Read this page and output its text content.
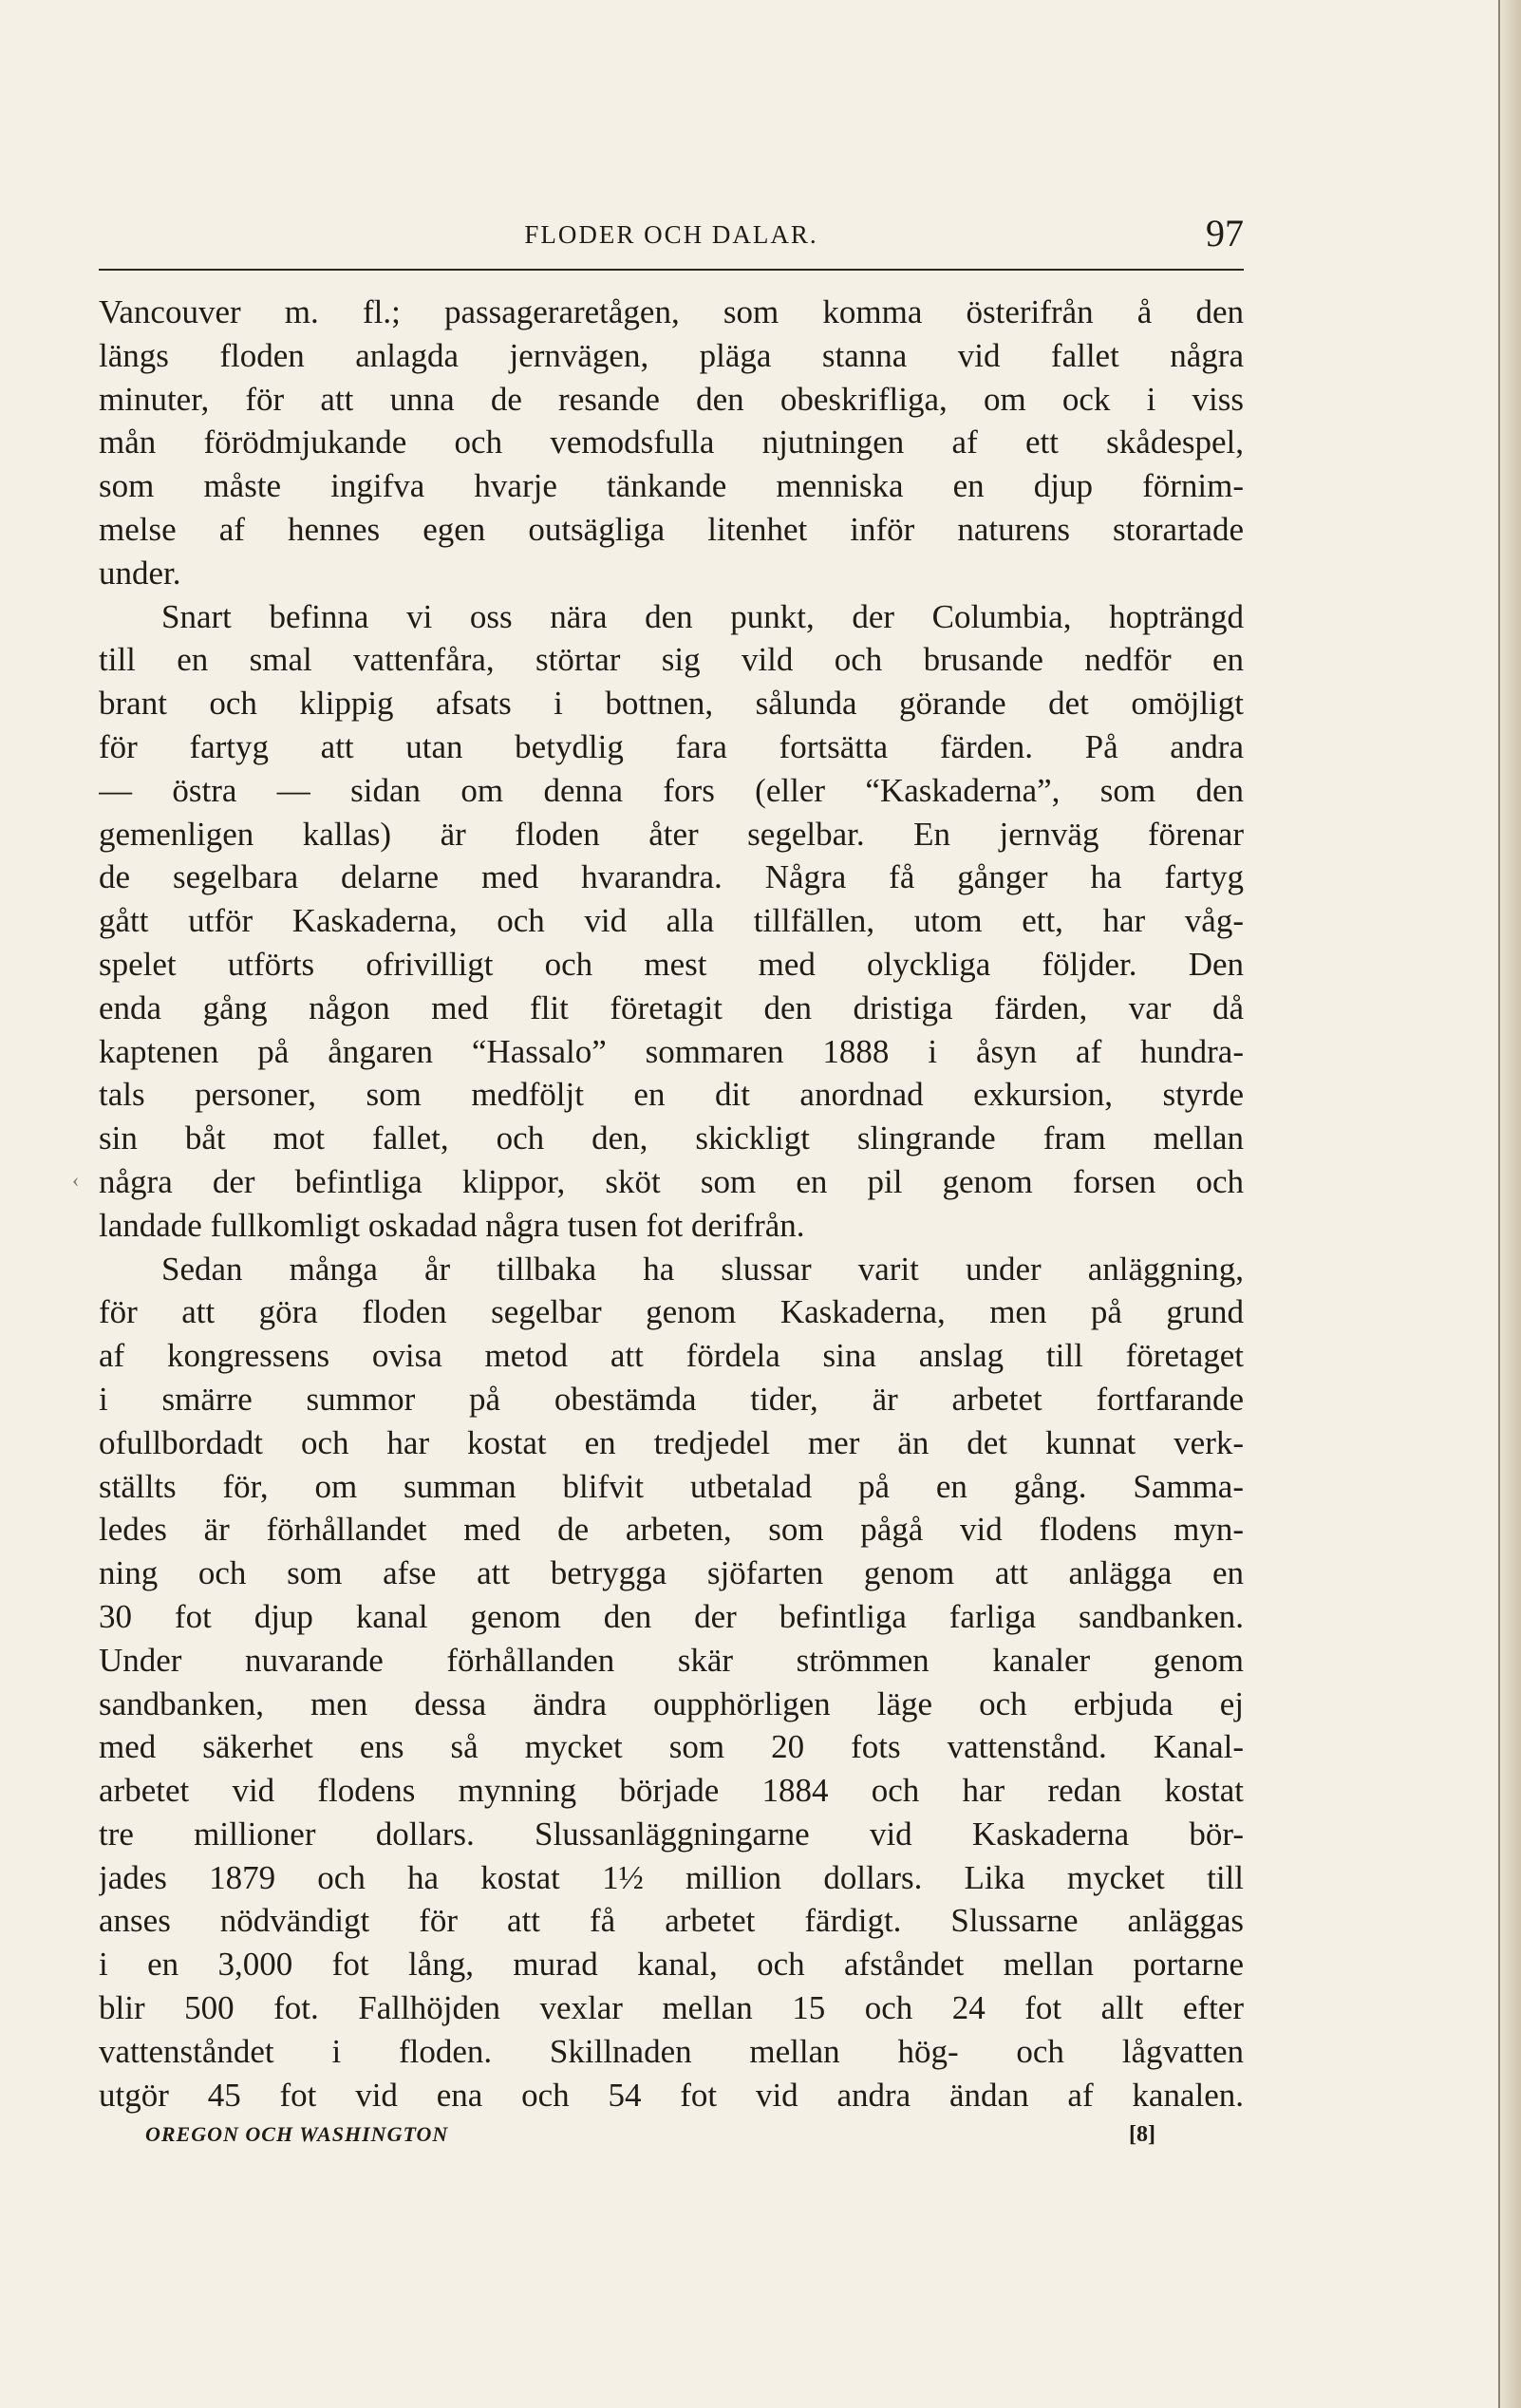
FLODER OCH DALAR.	97
‹
Vancouver m. fl.; passageraretågen, som komma österifrån å den
längs floden anlagda jernvägen, pläga stanna vid fallet några
minuter, för att unna de resande den obeskrifliga, om ock i viss
mån förödmjukande och vemodsfulla njutningen af ett skådespel,
som måste ingifva hvarje tänkande menniska en djup förnim-
melse af hennes egen outsägliga litenhet inför naturens storartade
under.
Snart befinna vi oss nära den punkt, der Columbia, hopträngd
till en smal vattenfåra, störtar sig vild och brusande nedför en
brant och klippig afsats i bottnen, sålunda görande det omöjligt
för fartyg att utan betydlig fara fortsätta färden. På andra
— östra — sidan om denna fors (eller “Kaskaderna”, som den
gemenligen kallas) är floden åter segelbar. En jernväg förenar
de segelbara delarne med hvarandra. Några få gånger ha fartyg
gått utför Kaskaderna, och vid alla tillfällen, utom ett, har våg-
spelet utförts ofrivilligt och mest med olyckliga följder. Den
enda gång någon med flit företagit den dristiga färden, var då
kaptenen på ångaren “Hassalo” sommaren 1888 i åsyn af hundra-
tals personer, som medföljt en dit anordnad exkursion, styrde
sin båt mot fallet, och den, skickligt slingrande fram mellan
några der befintliga klippor, sköt som en pil genom forsen och
landade fullkomligt oskadad några tusen fot derifrån.
Sedan många år tillbaka ha slussar varit under anläggning,
för att göra floden segelbar genom Kaskaderna, men på grund
af kongressens ovisa metod att fördela sina anslag till företaget
i smärre summor på obestämda tider, är arbetet fortfarande
ofullbordadt och har kostat en tredjedel mer än det kunnat verk-
ställts för, om summan blifvit utbetalad på en gång. Samma-
ledes är förhållandet med de arbeten, som pågå vid flodens myn-
ning och som afse att betrygga sjöfarten genom att anlägga en
30 fot djup kanal genom den der befintliga farliga sandbanken.
Under nuvarande förhållanden skär strömmen kanaler genom
sandbanken, men dessa ändra oupphörligen läge och erbjuda ej
med säkerhet ens så mycket som 20 fots vattenstånd. Kanal-
arbetet vid flodens mynning började 1884 och har redan kostat
tre millioner dollars. Slussanläggningarne vid Kaskaderna bör-
jades 1879 och ha kostat 1½ million dollars. Lika mycket till
anses nödvändigt för att få arbetet färdigt. Slussarne anläggas
i en 3,000 fot lång, murad kanal, och afståndet mellan portarne
blir 500 fot. Fallhöjden vexlar mellan 15 och 24 fot allt efter
vattenståndet i floden. Skillnaden mellan hög- och lågvatten
utgör 45 fot vid ena och 54 fot vid andra ändan af kanalen.
OREGON OCH WASHINGTON	[8]
